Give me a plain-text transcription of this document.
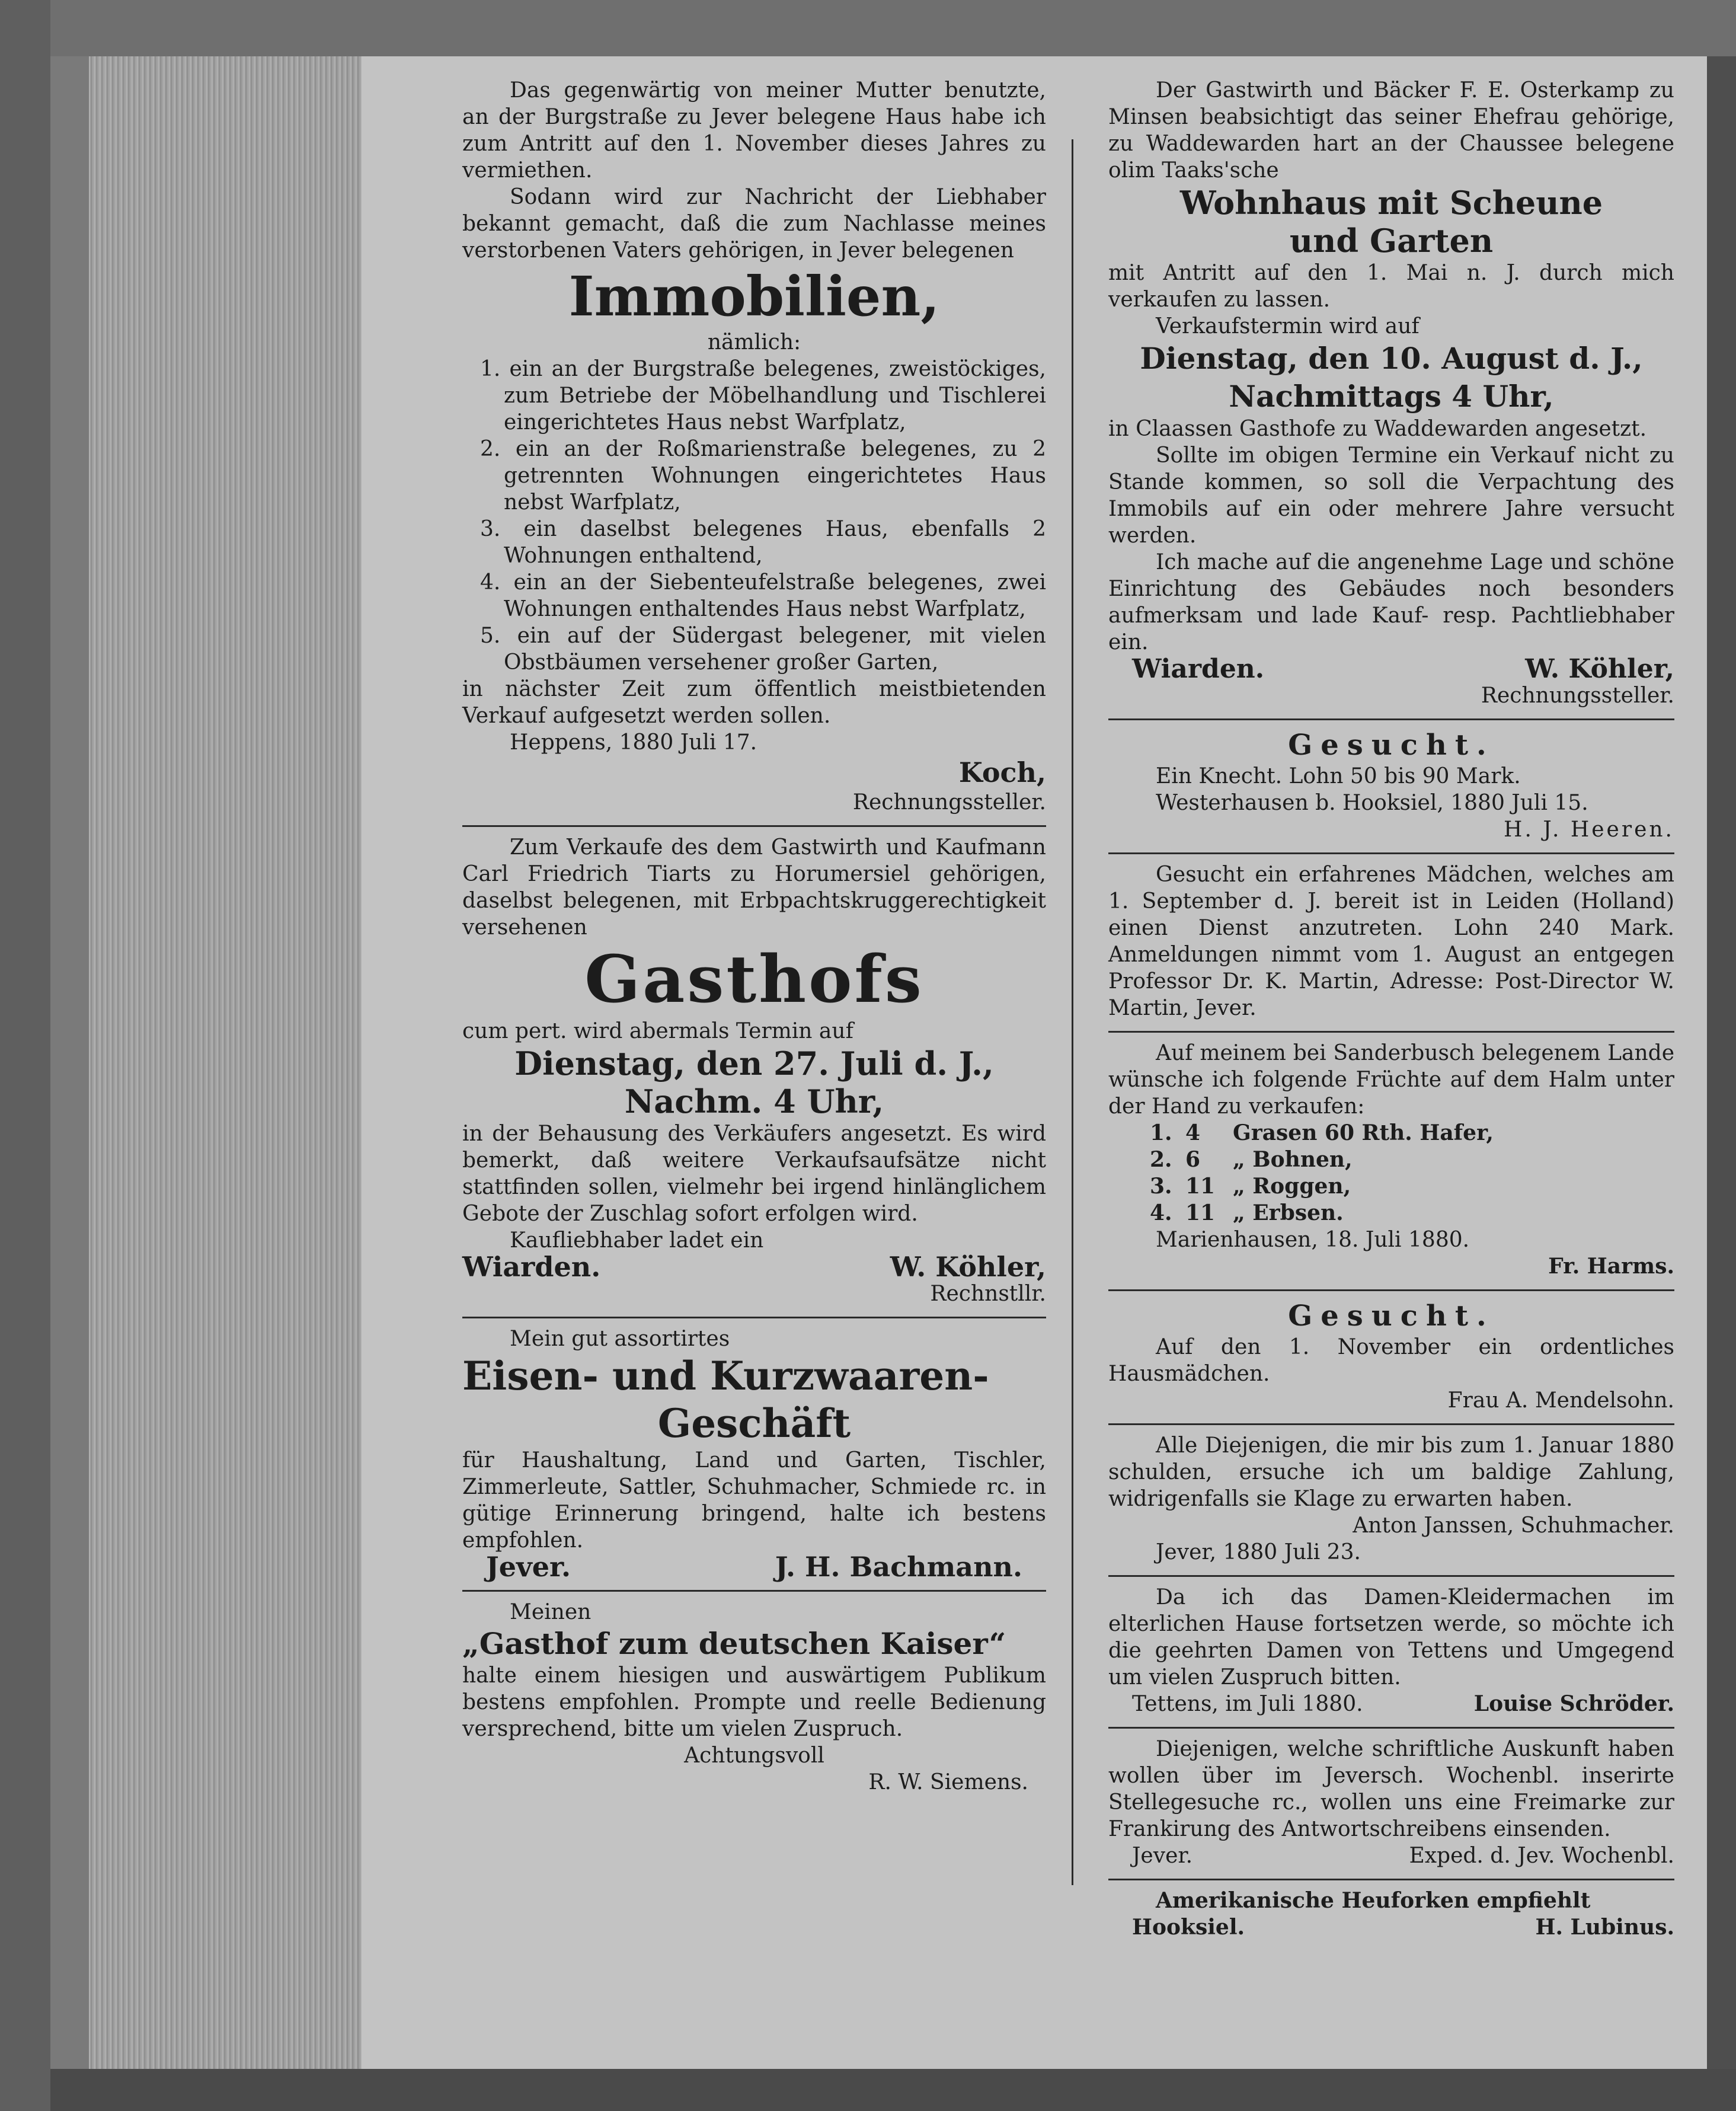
Das gegenwärtig von meiner Mutter benutzte, an der Burgstraße zu Jever belegene Haus habe ich zum Antritt auf den 1. November dieses Jahres zu vermiethen.

Sodann wird zur Nachricht der Liebhaber bekannt gemacht, daß die zum Nachlasse meines verstorbenen Vaters gehörigen, in Jever belegenen

Immobilien,

nämlich:

1. ein an der Burgstraße belegenes, zweistöckiges, zum Betriebe der Möbelhandlung und Tischlerei eingerichtetes Haus nebst Warfplatz,

2. ein an der Roßmarienstraße belegenes, zu 2 getrennten Wohnungen eingerichtetes Haus nebst Warfplatz,

3. ein daselbst belegenes Haus, ebenfalls 2 Wohnungen enthaltend,

4. ein an der Siebenteufelstraße belegenes, zwei Wohnungen enthaltendes Haus nebst Warfplatz,

5. ein auf der Südergast belegener, mit vielen Obstbäumen versehener großer Garten,

in nächster Zeit zum öffentlich meistbietenden Verkauf aufgesetzt werden sollen.

Heppens, 1880 Juli 17.

Koch,

Rechnungssteller.

Zum Verkaufe des dem Gastwirth und Kaufmann Carl Friedrich Tiarts zu Horumersiel gehörigen, daselbst belegenen, mit Erbpachtskruggerechtigkeit versehenen

Gasthofs

cum pert. wird abermals Termin auf

Dienstag, den 27. Juli d. J.,

Nachm. 4 Uhr,

in der Behausung des Verkäufers angesetzt. Es wird bemerkt, daß weitere Verkaufsaufsätze nicht stattfinden sollen, vielmehr bei irgend hinlänglichem Gebote der Zuschlag sofort erfolgen wird.

Kaufliebhaber ladet ein

Wiarden.	W. Köhler,

Rechnstllr.

Mein gut assortirtes

Eisen- und Kurzwaaren-

Geschäft

für Haushaltung, Land und Garten, Tischler, Zimmerleute, Sattler, Schuhmacher, Schmiede rc. in gütige Erinnerung bringend, halte ich bestens empfohlen.

Jever.	J. H. Bachmann.

Meinen

„Gasthof zum deutschen Kaiser“

halte einem hiesigen und auswärtigem Publikum bestens empfohlen. Prompte und reelle Bedienung versprechend, bitte um vielen Zuspruch.

Achtungsvoll

R. W. Siemens.

Der Gastwirth und Bäcker F. E. Osterkamp zu Minsen beabsichtigt das seiner Ehefrau gehörige, zu Waddewarden hart an der Chaussee belegene olim Taaks'sche

Wohnhaus mit Scheune

und Garten

mit Antritt auf den 1. Mai n. J. durch mich verkaufen zu lassen.

Verkaufstermin wird auf

Dienstag, den 10. August d. J.,

Nachmittags 4 Uhr,

in Claassen Gasthofe zu Waddewarden angesetzt.

Sollte im obigen Termine ein Verkauf nicht zu Stande kommen, so soll die Verpachtung des Immobils auf ein oder mehrere Jahre versucht werden.

Ich mache auf die angenehme Lage und schöne Einrichtung des Gebäudes noch besonders aufmerksam und lade Kauf- resp. Pachtliebhaber ein.

Wiarden.	W. Köhler,

Rechnungssteller.

Gesucht.

Ein Knecht. Lohn 50 bis 90 Mark.

Westerhausen b. Hooksiel, 1880 Juli 15.

H. J. Heeren.

Gesucht ein erfahrenes Mädchen, welches am 1. September d. J. bereit ist in Leiden (Holland) einen Dienst anzutreten. Lohn 240 Mark. Anmeldungen nimmt vom 1. August an entgegen Professor Dr. K. Martin, Adresse: Post-Director W. Martin, Jever.

Auf meinem bei Sanderbusch belegenem Lande wünsche ich folgende Früchte auf dem Halm unter der Hand zu verkaufen:

1. 4	Grasen 60 Rth. Hafer,
2. 6	„ Bohnen,
3. 11 „ Roggen,
4. 11 „ Erbsen.

Marienhausen, 18. Juli 1880.

Fr. Harms.

Gesucht.

Auf den 1. November ein ordentliches Hausmädchen.

Frau A. Mendelsohn.

Alle Diejenigen, die mir bis zum 1. Januar 1880 schulden, ersuche ich um baldige Zahlung, widrigenfalls sie Klage zu erwarten haben.

Anton Janssen, Schuhmacher.

Jever, 1880 Juli 23.

Da ich das Damen-Kleidermachen im elterlichen Hause fortsetzen werde, so möchte ich die geehrten Damen von Tettens und Umgegend um vielen Zuspruch bitten.

Tettens, im Juli 1880.	Louise Schröder.

Diejenigen, welche schriftliche Auskunft haben wollen über im Jeversch. Wochenbl. inserirte Stellegesuche rc., wollen uns eine Freimarke zur Frankirung des Antwortschreibens einsenden.

Jever.	Exped. d. Jev. Wochenbl.

Amerikanische Heuforken empfiehlt

Hooksiel.	H. Lubinus.
